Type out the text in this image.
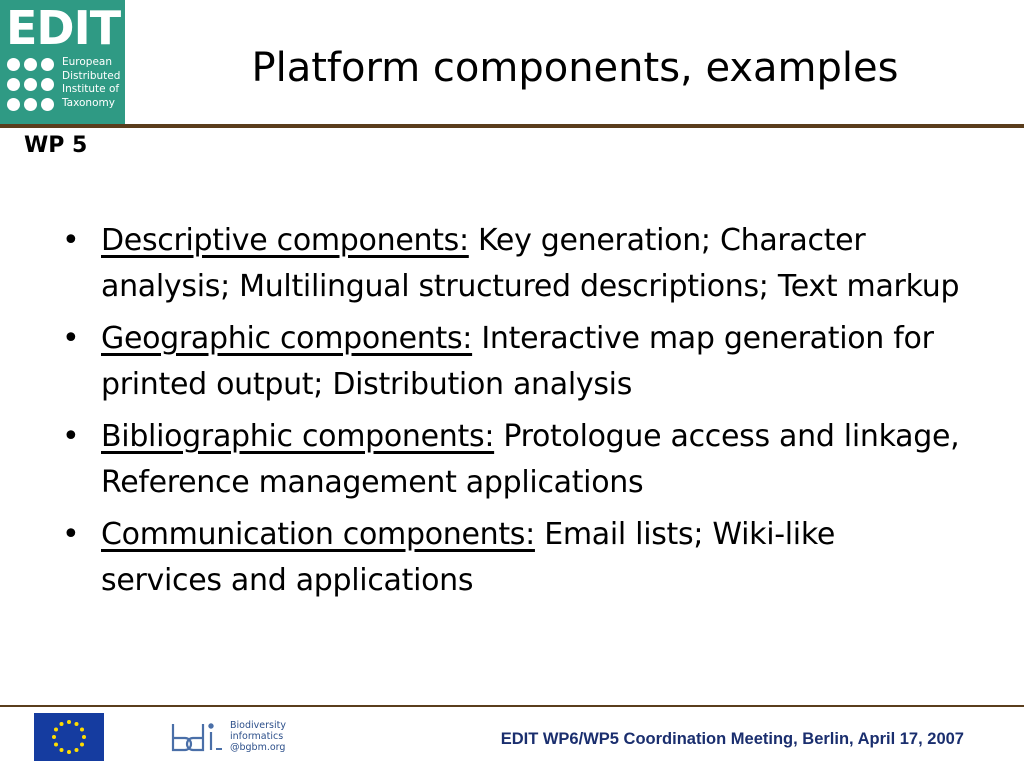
EDIT
European
Distributed
Institute of
Taxonomy
Platform components, examples
WP 5
• Descriptive components: Key generation; Character analysis; Multilingual structured descriptions; Text markup
• Geographic components: Interactive map generation for printed output; Distribution analysis
• Bibliographic components: Protologue access and linkage, Reference management applications
• Communication components: Email lists; Wiki-like services and applications
Biodiversity
informatics
@bgbm.org	EDIT WP6/WP5 Coordination Meeting, Berlin, April 17, 2007
